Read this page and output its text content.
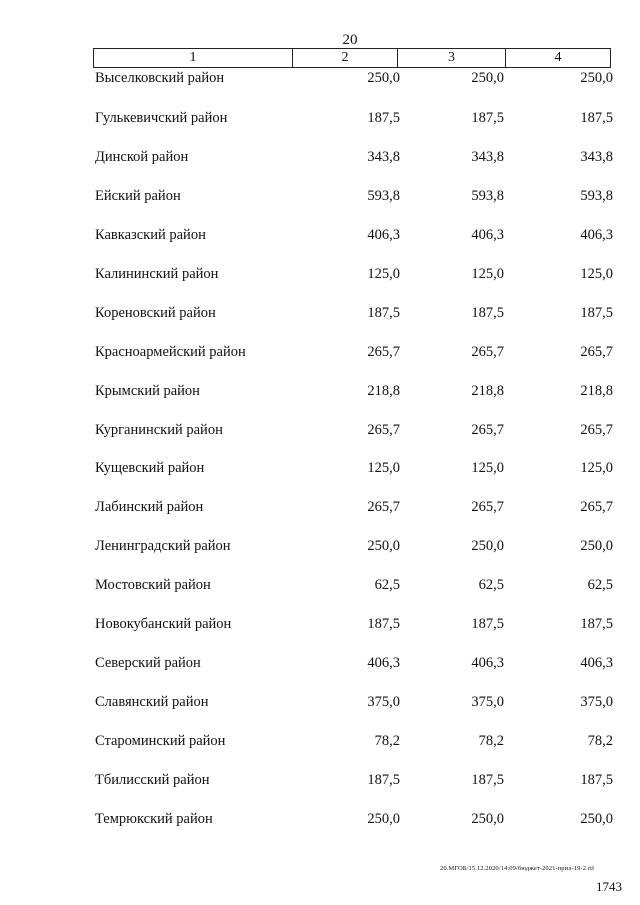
20
1	2	3	4
Выселковский район	250,0	250,0	250,0
Гулькевичский район	187,5	187,5	187,5
Динской район	343,8	343,8	343,8
Ейский район	593,8	593,8	593,8
Кавказский район	406,3	406,3	406,3
Калининский район	125,0	125,0	125,0
Кореновский район	187,5	187,5	187,5
Красноармейский район	265,7	265,7	265,7
Крымский район	218,8	218,8	218,8
Курганинский район	265,7	265,7	265,7
Кущевский район	125,0	125,0	125,0
Лабинский район	265,7	265,7	265,7
Ленинградский район	250,0	250,0	250,0
Мостовский район	62,5	62,5	62,5
Новокубанский район	187,5	187,5	187,5
Северский район	406,3	406,3	406,3
Славянский район	375,0	375,0	375,0
Староминский район	78,2	78,2	78,2
Тбилисский район	187,5	187,5	187,5
Темрюкский район	250,0	250,0	250,0
20.МГОБ/15.12.2020/14:09/бюджет-2021-прил-19-2.rtf
1743
